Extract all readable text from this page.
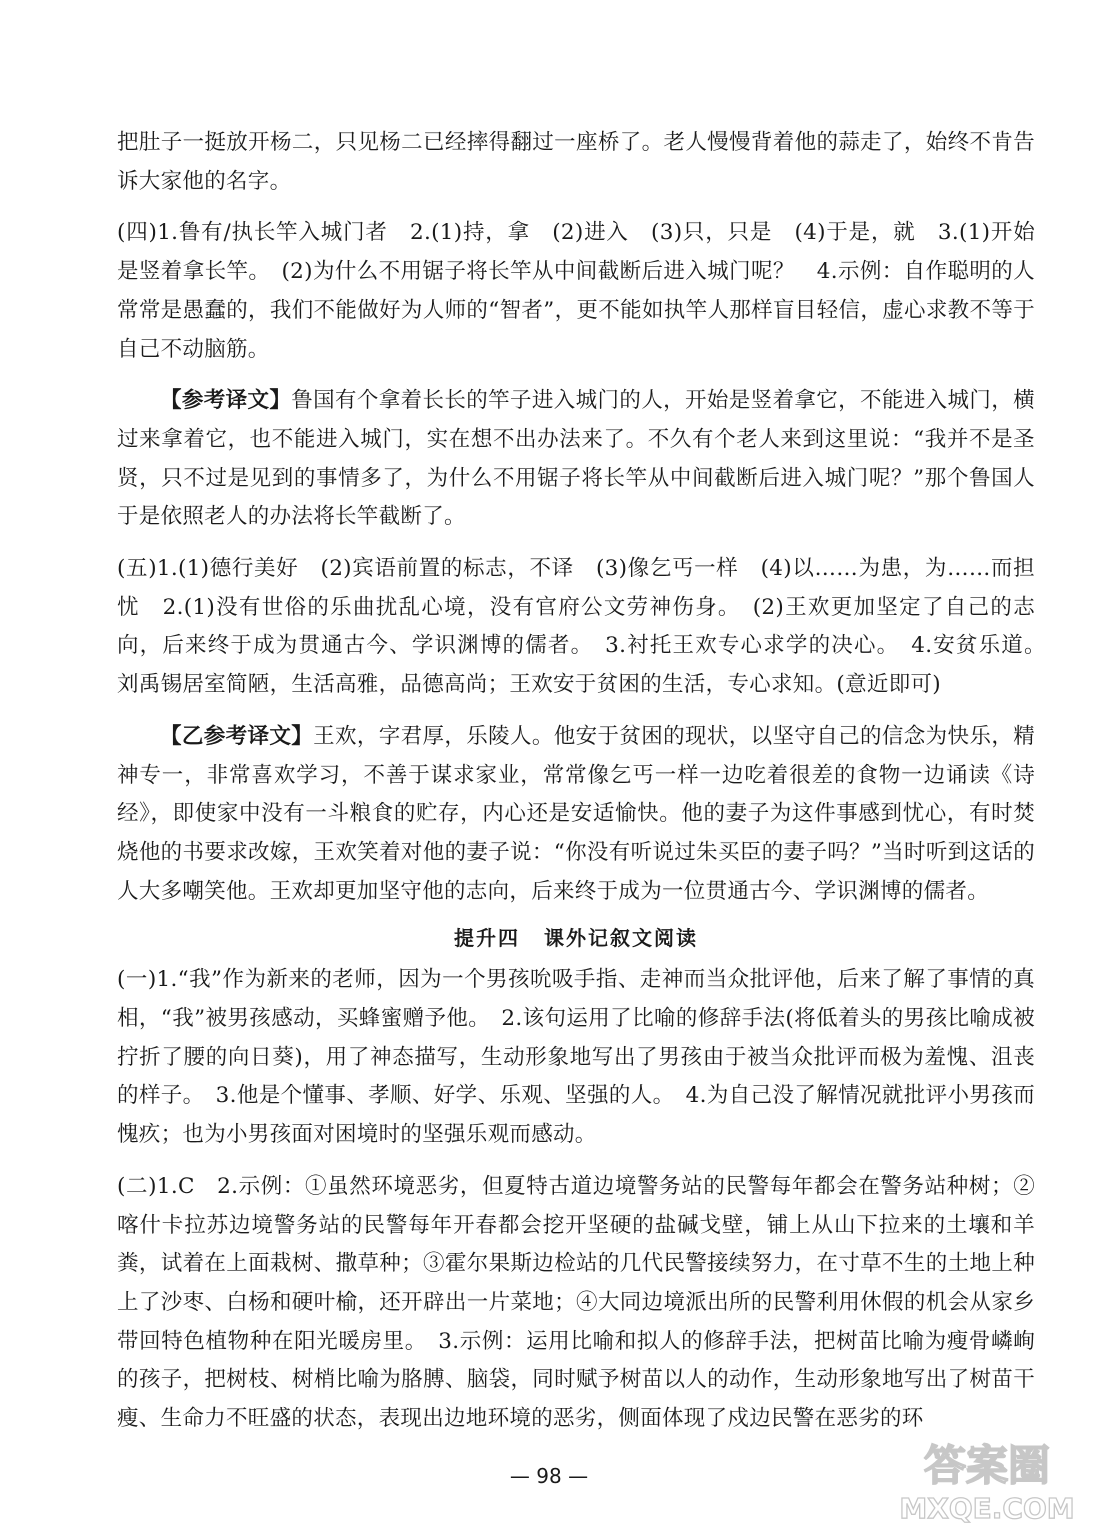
把肚子一挺放开杨二，只见杨二已经摔得翻过一座桥了。老人慢慢背着他的蒜走了，始终不肯告诉大家他的名字。

(四)1.鲁有/执长竿入城门者　2.(1)持，拿　(2)进入　(3)只，只是　(4)于是，就　3.(1)开始是竖着拿长竿。　(2)为什么不用锯子将长竿从中间截断后进入城门呢？　4.示例：自作聪明的人常常是愚蠢的，我们不能做好为人师的“智者”，更不能如执竿人那样盲目轻信，虚心求教不等于自己不动脑筋。

【参考译文】鲁国有个拿着长长的竿子进入城门的人，开始是竖着拿它，不能进入城门，横过来拿着它，也不能进入城门，实在想不出办法来了。不久有个老人来到这里说：“我并不是圣贤，只不过是见到的事情多了，为什么不用锯子将长竿从中间截断后进入城门呢？”那个鲁国人于是依照老人的办法将长竿截断了。

(五)1.(1)德行美好　(2)宾语前置的标志，不译　(3)像乞丐一样　(4)以……为患，为……而担忧　2.(1)没有世俗的乐曲扰乱心境，没有官府公文劳神伤身。　(2)王欢更加坚定了自己的志向，后来终于成为贯通古今、学识渊博的儒者。　3.衬托王欢专心求学的决心。　4.安贫乐道。　刘禹锡居室简陋，生活高雅，品德高尚；王欢安于贫困的生活，专心求知。(意近即可)

【乙参考译文】王欢，字君厚，乐陵人。他安于贫困的现状，以坚守自己的信念为快乐，精神专一，非常喜欢学习，不善于谋求家业，常常像乞丐一样一边吃着很差的食物一边诵读《诗经》，即使家中没有一斗粮食的贮存，内心还是安适愉快。他的妻子为这件事感到忧心，有时焚烧他的书要求改嫁，王欢笑着对他的妻子说：“你没有听说过朱买臣的妻子吗？”当时听到这话的人大多嘲笑他。王欢却更加坚守他的志向，后来终于成为一位贯通古今、学识渊博的儒者。

提升四 课外记叙文阅读

(一)1.“我”作为新来的老师，因为一个男孩吮吸手指、走神而当众批评他，后来了解了事情的真相，“我”被男孩感动，买蜂蜜赠予他。　2.该句运用了比喻的修辞手法(将低着头的男孩比喻成被拧折了腰的向日葵)，用了神态描写，生动形象地写出了男孩由于被当众批评而极为羞愧、沮丧的样子。　3.他是个懂事、孝顺、好学、乐观、坚强的人。　4.为自己没了解情况就批评小男孩而愧疚；也为小男孩面对困境时的坚强乐观而感动。

(二)1.C　2.示例：①虽然环境恶劣，但夏特古道边境警务站的民警每年都会在警务站种树；②喀什卡拉苏边境警务站的民警每年开春都会挖开坚硬的盐碱戈壁，铺上从山下拉来的土壤和羊粪，试着在上面栽树、撒草种；③霍尔果斯边检站的几代民警接续努力，在寸草不生的土地上种上了沙枣、白杨和硬叶榆，还开辟出一片菜地；④大同边境派出所的民警利用休假的机会从家乡带回特色植物种在阳光暖房里。　3.示例：运用比喻和拟人的修辞手法，把树苗比喻为瘦骨嶙峋的孩子，把树枝、树梢比喻为胳膊、脑袋，同时赋予树苗以人的动作，生动形象地写出了树苗干瘦、生命力不旺盛的状态，表现出边地环境的恶劣，侧面体现了戍边民警在恶劣的环

— 98 —	答案圈
MXQE.COM
